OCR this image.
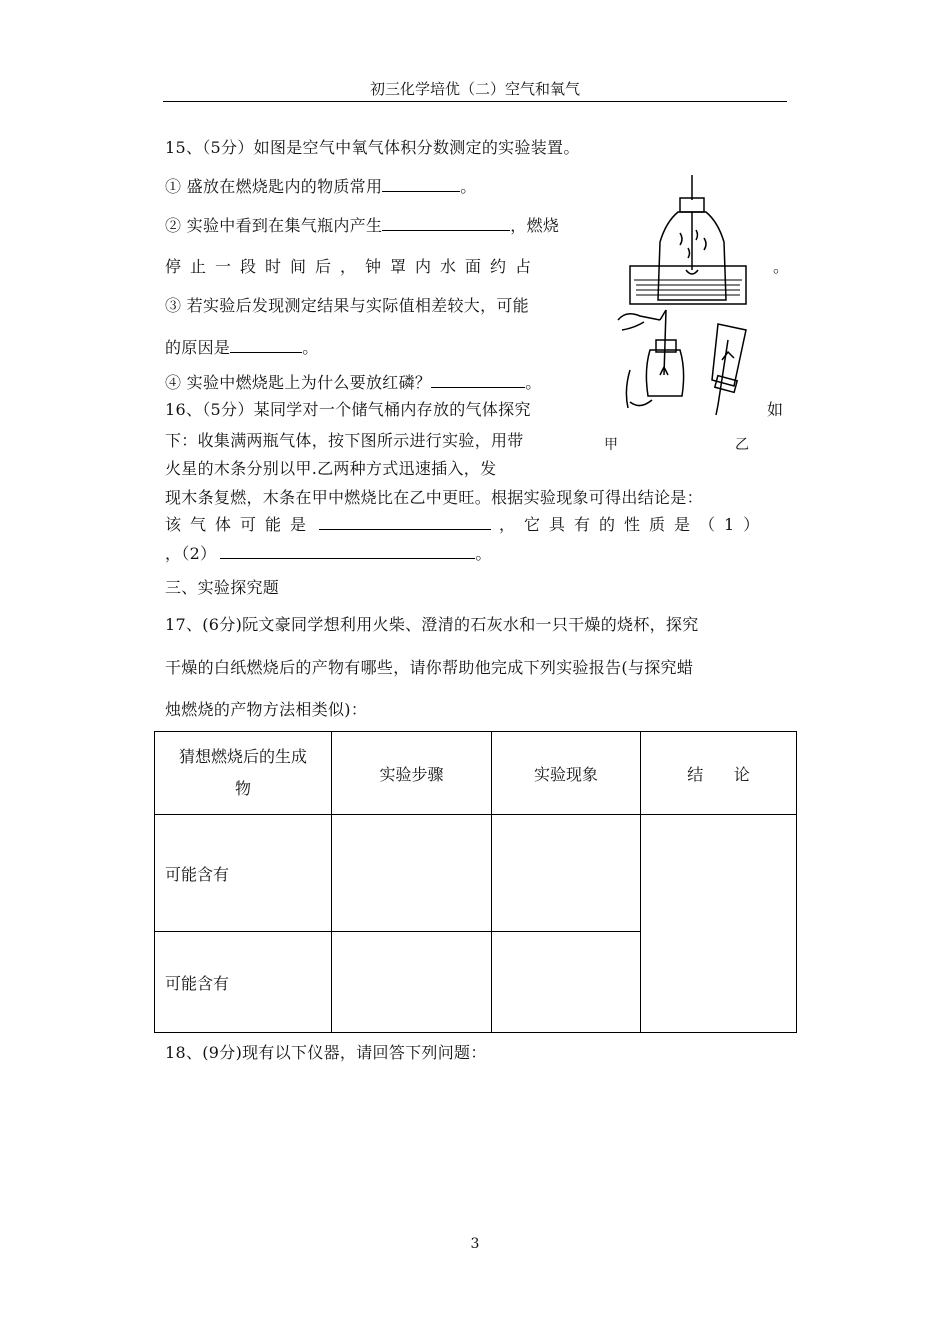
初三化学培优（二）空气和氧气
15、（5分）如图是空气中氧气体积分数测定的实验装置。
① 盛放在燃烧匙内的物质常用	。
② 实验中看到在集气瓶内产生	，燃烧
停止一段时间后，钟罩内水面约占	。
③ 若实验后发现测定结果与实际值相差较大，可能
的原因是	。
④ 实验中燃烧匙上为什么要放红磷？	。
16、（5分）某同学对一个储气桶内存放的气体探究	如
下：收集满两瓶气体，按下图所示进行实验，用带
火星的木条分别以甲.乙两种方式迅速插入，发
现木条复燃，木条在甲中燃烧比在乙中更旺。根据实验现象可得出结论是：
该气体可能是	，它具有的性质是（1）
，（2）	。
甲	乙
三、实验探究题
17、(6分)阮文豪同学想利用火柴、澄清的石灰水和一只干燥的烧杯，探究
干燥的白纸燃烧后的产物有哪些，请你帮助他完成下列实验报告(与探究蜡
烛燃烧的产物方法相类似)：
猜想燃烧后的生成
物	实验步骤	实验现象	结      论
可能含有			
可能含有			
18、(9分)现有以下仪器，请回答下列问题：
3
